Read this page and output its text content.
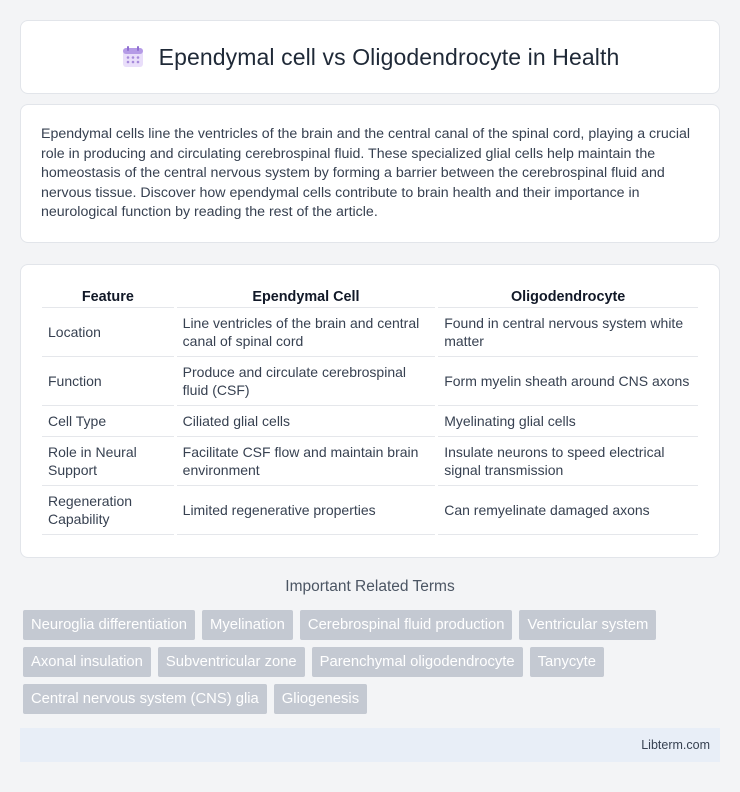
Ependymal cell vs Oligodendrocyte in Health

Ependymal cells line the ventricles of the brain and the central canal of the spinal cord, playing a crucial role in producing and circulating cerebrospinal fluid. These specialized glial cells help maintain the homeostasis of the central nervous system by forming a barrier between the cerebrospinal fluid and nervous tissue. Discover how ependymal cells contribute to brain health and their importance in neurological function by reading the rest of the article.

Feature		Ependymal Cell		Oligodendrocyte
Location		Line ventricles of the brain and central canal of spinal cord		Found in central nervous system white matter
Function		Produce and circulate cerebrospinal fluid (CSF)		Form myelin sheath around CNS axons
Cell Type		Ciliated glial cells		Myelinating glial cells
Role in Neural Support		Facilitate CSF flow and maintain brain environment		Insulate neurons to speed electrical signal transmission
Regeneration Capability		Limited regenerative properties		Can remyelinate damaged axons
Important Related Terms
Neuroglia differentiation	Myelination	Cerebrospinal fluid production	Ventricular system
Axonal insulation	Subventricular zone	Parenchymal oligodendrocyte	Tanycyte
Central nervous system (CNS) glia	Gliogenesis
Libterm.com
